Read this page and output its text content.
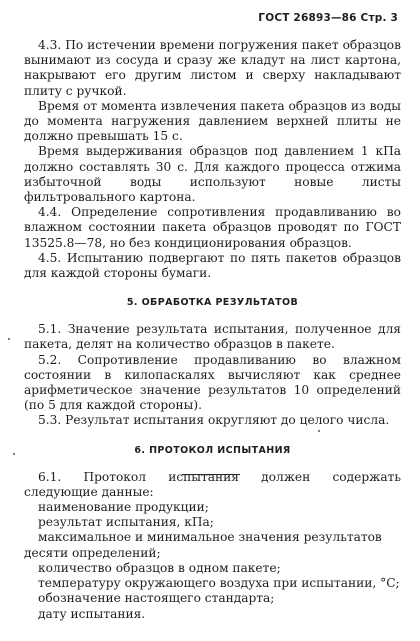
ГОСТ 26893—86 Стр. 3

4.3. По истечении времени погружения пакет образцов вынимают из сосуда и сразу же кладут на лист картона, накрывают его другим листом и сверху накладывают плиту с ручкой.

Время от момента извлечения пакета образцов из воды до момента нагружения давлением верхней плиты не должно превышать 15 с.

Время выдерживания образцов под давлением 1 кПа должно составлять 30 с. Для каждого процесса отжима избыточной воды используют новые листы фильтровального картона.

4.4. Определение сопротивления продавливанию во влажном состоянии пакета образцов проводят по ГОСТ 13525.8—78, но без кондиционирования образцов.

4.5. Испытанию подвергают по пять пакетов образцов для каждой стороны бумаги.

5. ОБРАБОТКА РЕЗУЛЬТАТОВ

5.1. Значение результата испытания, полученное для пакета, делят на количество образцов в пакете.

5.2. Сопротивление продавливанию во влажном состоянии в килопаскалях вычисляют как среднее арифметическое значение результатов 10 определений (по 5 для каждой стороны).

5.3. Результат испытания округляют до целого числа.

6. ПРОТОКОЛ ИСПЫТАНИЯ

6.1. Протокол испытания должен содержать следующие данные:

наименование продукции;

результат испытания, кПа;

максимальное и минимальное значения результатов десяти определений;

количество образцов в одном пакете;

температуру окружающего воздуха при испытании, °С;

обозначение настоящего стандарта;

дату испытания.
